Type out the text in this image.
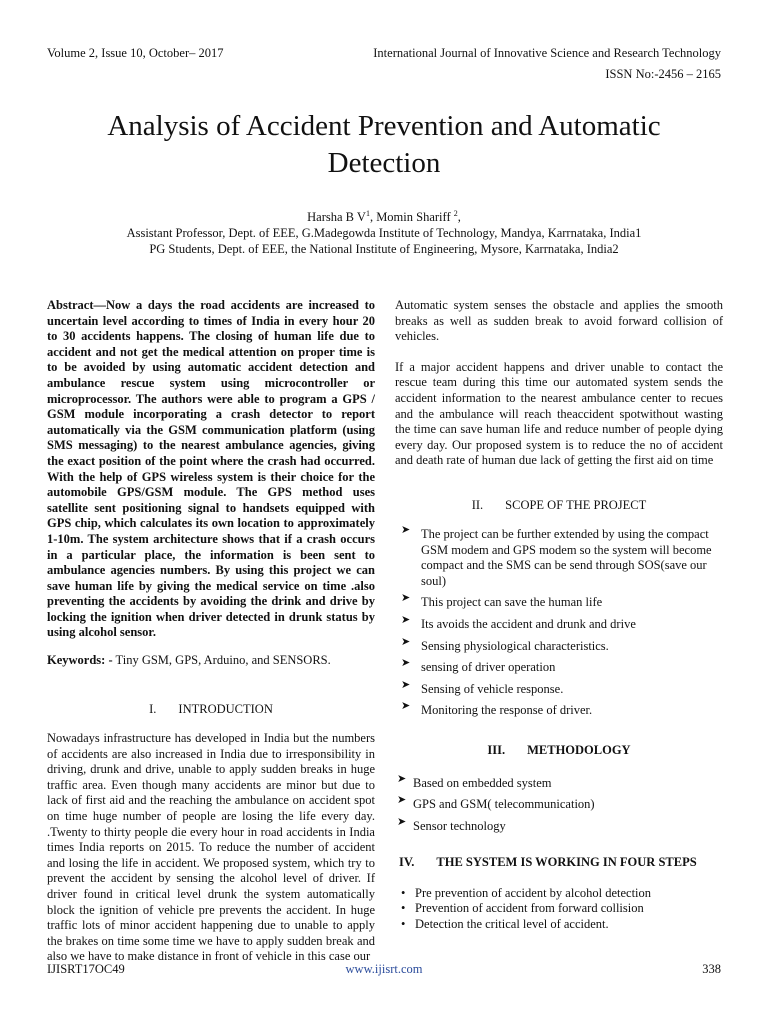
Volume 2, Issue 10, October– 2017	International Journal of Innovative Science and Research Technology
ISSN No:-2456 – 2165
Analysis of Accident Prevention and Automatic
Detection
Harsha B $V^1$, Momin Shariff $^2$,
Assistant Professor, Dept. of EEE, G.Madegowda Institute of Technology, Mandya, Karrnataka, India1
PG Students, Dept. of EEE, the National Institute of Engineering, Mysore, Karrnataka, India2

Abstract—Now a days the road accidents are increased to uncertain level according to times of India in every hour 20 to 30 accidents happens. The closing of human life due to accident and not get the medical attention on proper time is to be avoided by using automatic accident detection and ambulance rescue system using microcontroller or microprocessor. The authors were able to program a GPS / GSM module incorporating a crash detector to report automatically via the GSM communication platform (using SMS messaging) to the nearest ambulance agencies, giving the exact position of the point where the crash had occurred. With the help of GPS wireless system is their choice for the automobile GPS/GSM module. The GPS method uses satellite sent positioning signal to handsets equipped with GPS chip, which calculates its own location to approximately 1-10m. The system architecture shows that if a crash occurs in a particular place, the information is been sent to ambulance agencies numbers. By using this project we can save human life by giving the medical service on time .also preventing the accidents by avoiding the drink and drive by locking the ignition when driver detected in drunk status by using alcohol sensor.

Keywords: - Tiny GSM, GPS, Arduino, and SENSORS.

I. INTRODUCTION

Nowadays infrastructure has developed in India but the numbers of accidents are also increased in India due to irresponsibility in driving, drunk and drive, unable to apply sudden breaks in huge traffic area. Even though many accidents are minor but due to lack of first aid and the reaching the ambulance on accident spot on time huge number of people are losing the life every day. .Twenty to thirty people die every hour in road accidents in India times India reports on 2015. To reduce the number of accident and losing the life in accident. We proposed system, which try to prevent the accident by sensing the alcohol level of driver. If driver found in critical level drunk the system automatically block the ignition of vehicle pre prevents the accident. In huge traffic lots of minor accident happening due to unable to apply the brakes on time some time we have to apply sudden break and also we have to make distance in front of vehicle in this case our

Automatic system senses the obstacle and applies the smooth breaks as well as sudden break to avoid forward collision of vehicles.

If a major accident happens and driver unable to contact the rescue team during this time our automated system sends the accident information to the nearest ambulance center to recues and the ambulance will reach theaccident spotwithout wasting the time can save human life and reduce number of people dying every day. Our proposed system is to reduce the no of accident and death rate of human due lack of getting the first aid on time

II. SCOPE OF THE PROJECT
➤ The project can be further extended by using the compact GSM modem and GPS modem so the system will become compact and the SMS can be send through SOS(save our soul)
➤ This project can save the human life
➤ Its avoids the accident and drunk and drive
➤ Sensing physiological characteristics.
➤ sensing of driver operation
➤ Sensing of vehicle response.
➤ Monitoring the response of driver.
III. METHODOLOGY
➤ Based on embedded system
➤ GPS and GSM( telecommunication)
➤ Sensor technology
IV. THE SYSTEM IS WORKING IN FOUR STEPS
• Pre prevention of accident by alcohol detection
• Prevention of accident from forward collision
• Detection the critical level of accident.
IJISRT17OC49	www.ijisrt.com	338
